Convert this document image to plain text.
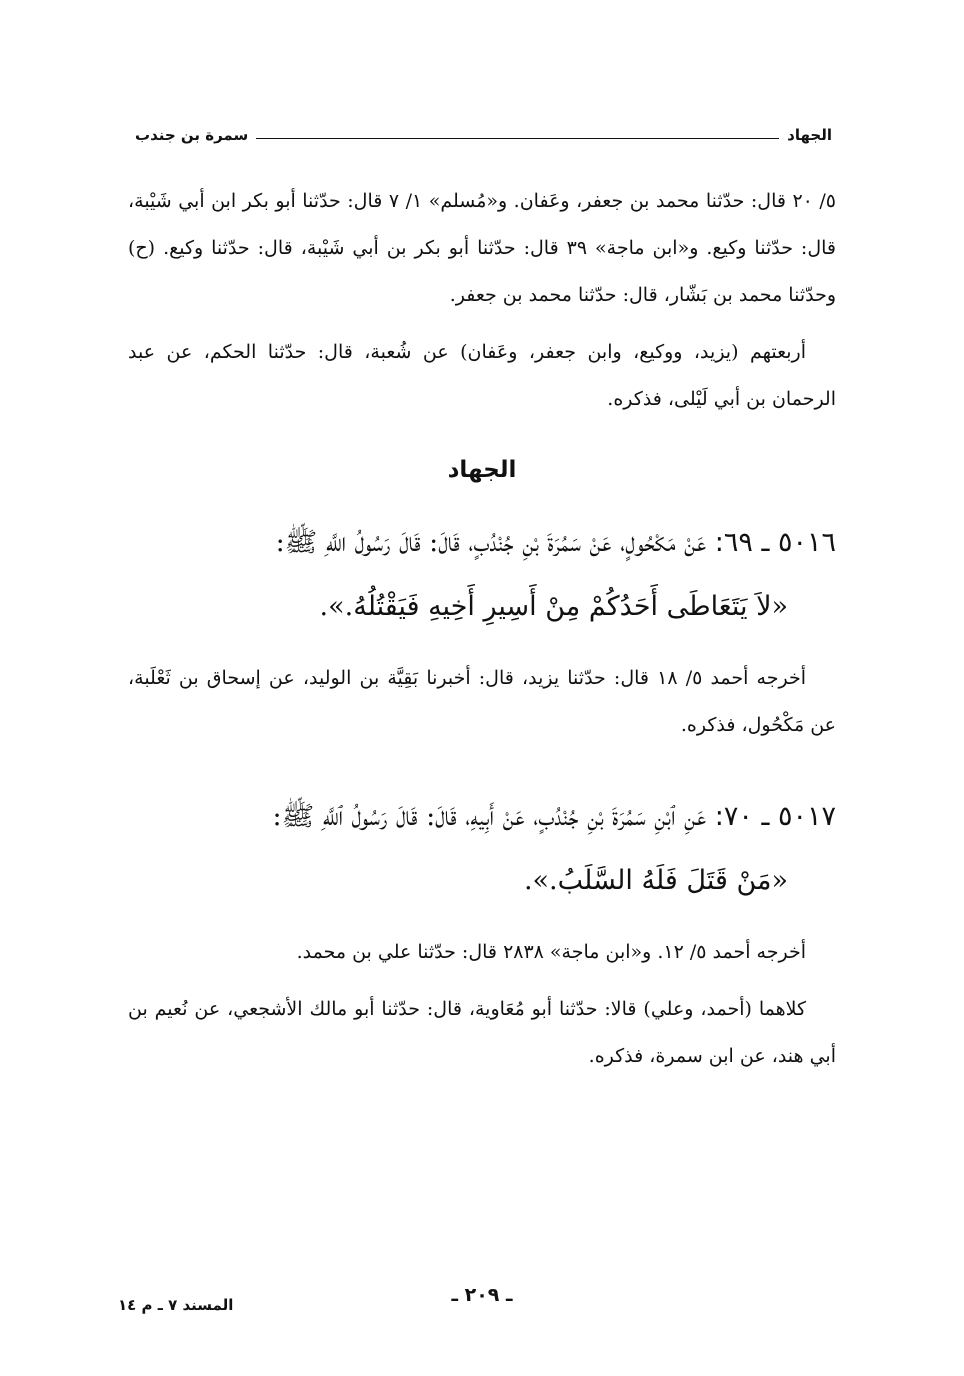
الجهاد
سمرة بن جندب

٥/ ٢٠ قال: حدّثنا محمد بن جعفر، وعَفان. و«مُسلم» ١/ ٧ قال: حدّثنا أبو بكر ابن أبي شَيْبة، قال: حدّثنا وكيع. و«ابن ماجة» ٣٩ قال: حدّثنا أبو بكر بن أبي شَيْبة، قال: حدّثنا وكيع. (ح) وحدّثنا محمد بن بَشّار، قال: حدّثنا محمد بن جعفر.

أربعتهم (يزيد، ووكيع، وابن جعفر، وعَفان) عن شُعبة، قال: حدّثنا الحكم، عن عبد الرحمان بن أبي لَيْلى، فذكره.

الجهاد

٥٠١٦ ـ ٦٩: عَنْ مَكْحُولٍ، عَنْ سَمُرَةَ بْنِ جُنْدُبٍ، قَالَ: قَالَ رَسُولُ اللَّهِ ﷺ:

«لاَ يَتَعَاطَى أَحَدُكُمْ مِنْ أَسِيرِ أَخِيهِ فَيَقْتُلُهُ.».

أخرجه أحمد ٥/ ١٨ قال: حدّثنا يزيد، قال: أخبرنا بَقِيَّة بن الوليد، عن إسحاق بن ثَعْلَبة، عن مَكْحُول، فذكره.

٥٠١٧ ـ ٧٠: عَنِ ٱبْنِ سَمُرَةَ بْنِ جُنْدُبٍ، عَنْ أَبِيهِ، قَالَ: قَالَ رَسُولُ ٱللَّهِ ﷺ:

«مَنْ قَتَلَ فَلَهُ السَّلَبُ.».

أخرجه أحمد ٥/ ١٢. و«ابن ماجة» ٢٨٣٨ قال: حدّثنا علي بن محمد.

كلاهما (أحمد، وعلي) قالا: حدّثنا أبو مُعَاوية، قال: حدّثنا أبو مالك الأشجعي، عن نُعيم بن أبي هند، عن ابن سمرة، فذكره.

ـ ٢٠٩ ـ
المسند ٧ ـ م ١٤
